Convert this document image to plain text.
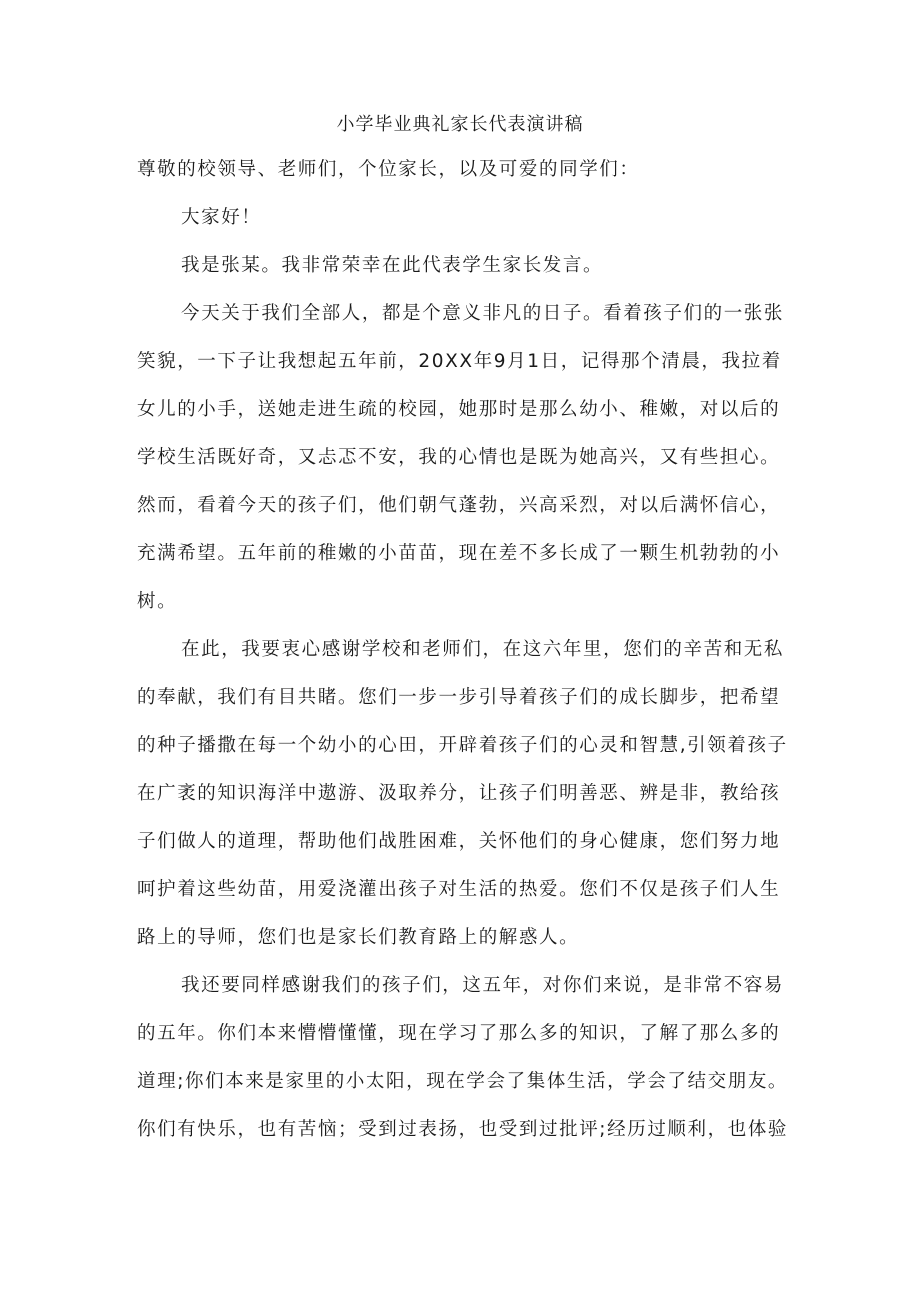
小学毕业典礼家长代表演讲稿
尊敬的校领导、老师们，个位家长，以及可爱的同学们：
大家好！
我是张某。我非常荣幸在此代表学生家长发言。
今天关于我们全部人，都是个意义非凡的日子。看着孩子们的一张张
笑貌，一下子让我想起五年前，20XX年9月1日，记得那个清晨，我拉着
女儿的小手，送她走进生疏的校园，她那时是那么幼小、稚嫩，对以后的
学校生活既好奇，又忐忑不安，我的心情也是既为她高兴，又有些担心。
然而，看着今天的孩子们，他们朝气蓬勃，兴高采烈，对以后满怀信心，
充满希望。五年前的稚嫩的小苗苗，现在差不多长成了一颗生机勃勃的小
树。
在此，我要衷心感谢学校和老师们，在这六年里，您们的辛苦和无私
的奉献，我们有目共睹。您们一步一步引导着孩子们的成长脚步，把希望
的种子播撒在每一个幼小的心田，开辟着孩子们的心灵和智慧,引领着孩子
在广袤的知识海洋中遨游、汲取养分，让孩子们明善恶、辨是非，教给孩
子们做人的道理，帮助他们战胜困难，关怀他们的身心健康，您们努力地
呵护着这些幼苗，用爱浇灌出孩子对生活的热爱。您们不仅是孩子们人生
路上的导师，您们也是家长们教育路上的解惑人。
我还要同样感谢我们的孩子们，这五年，对你们来说，是非常不容易
的五年。你们本来懵懵懂懂，现在学习了那么多的知识，了解了那么多的
道理;你们本来是家里的小太阳，现在学会了集体生活，学会了结交朋友。
你们有快乐，也有苦恼；受到过表扬，也受到过批评;经历过顺利，也体验
